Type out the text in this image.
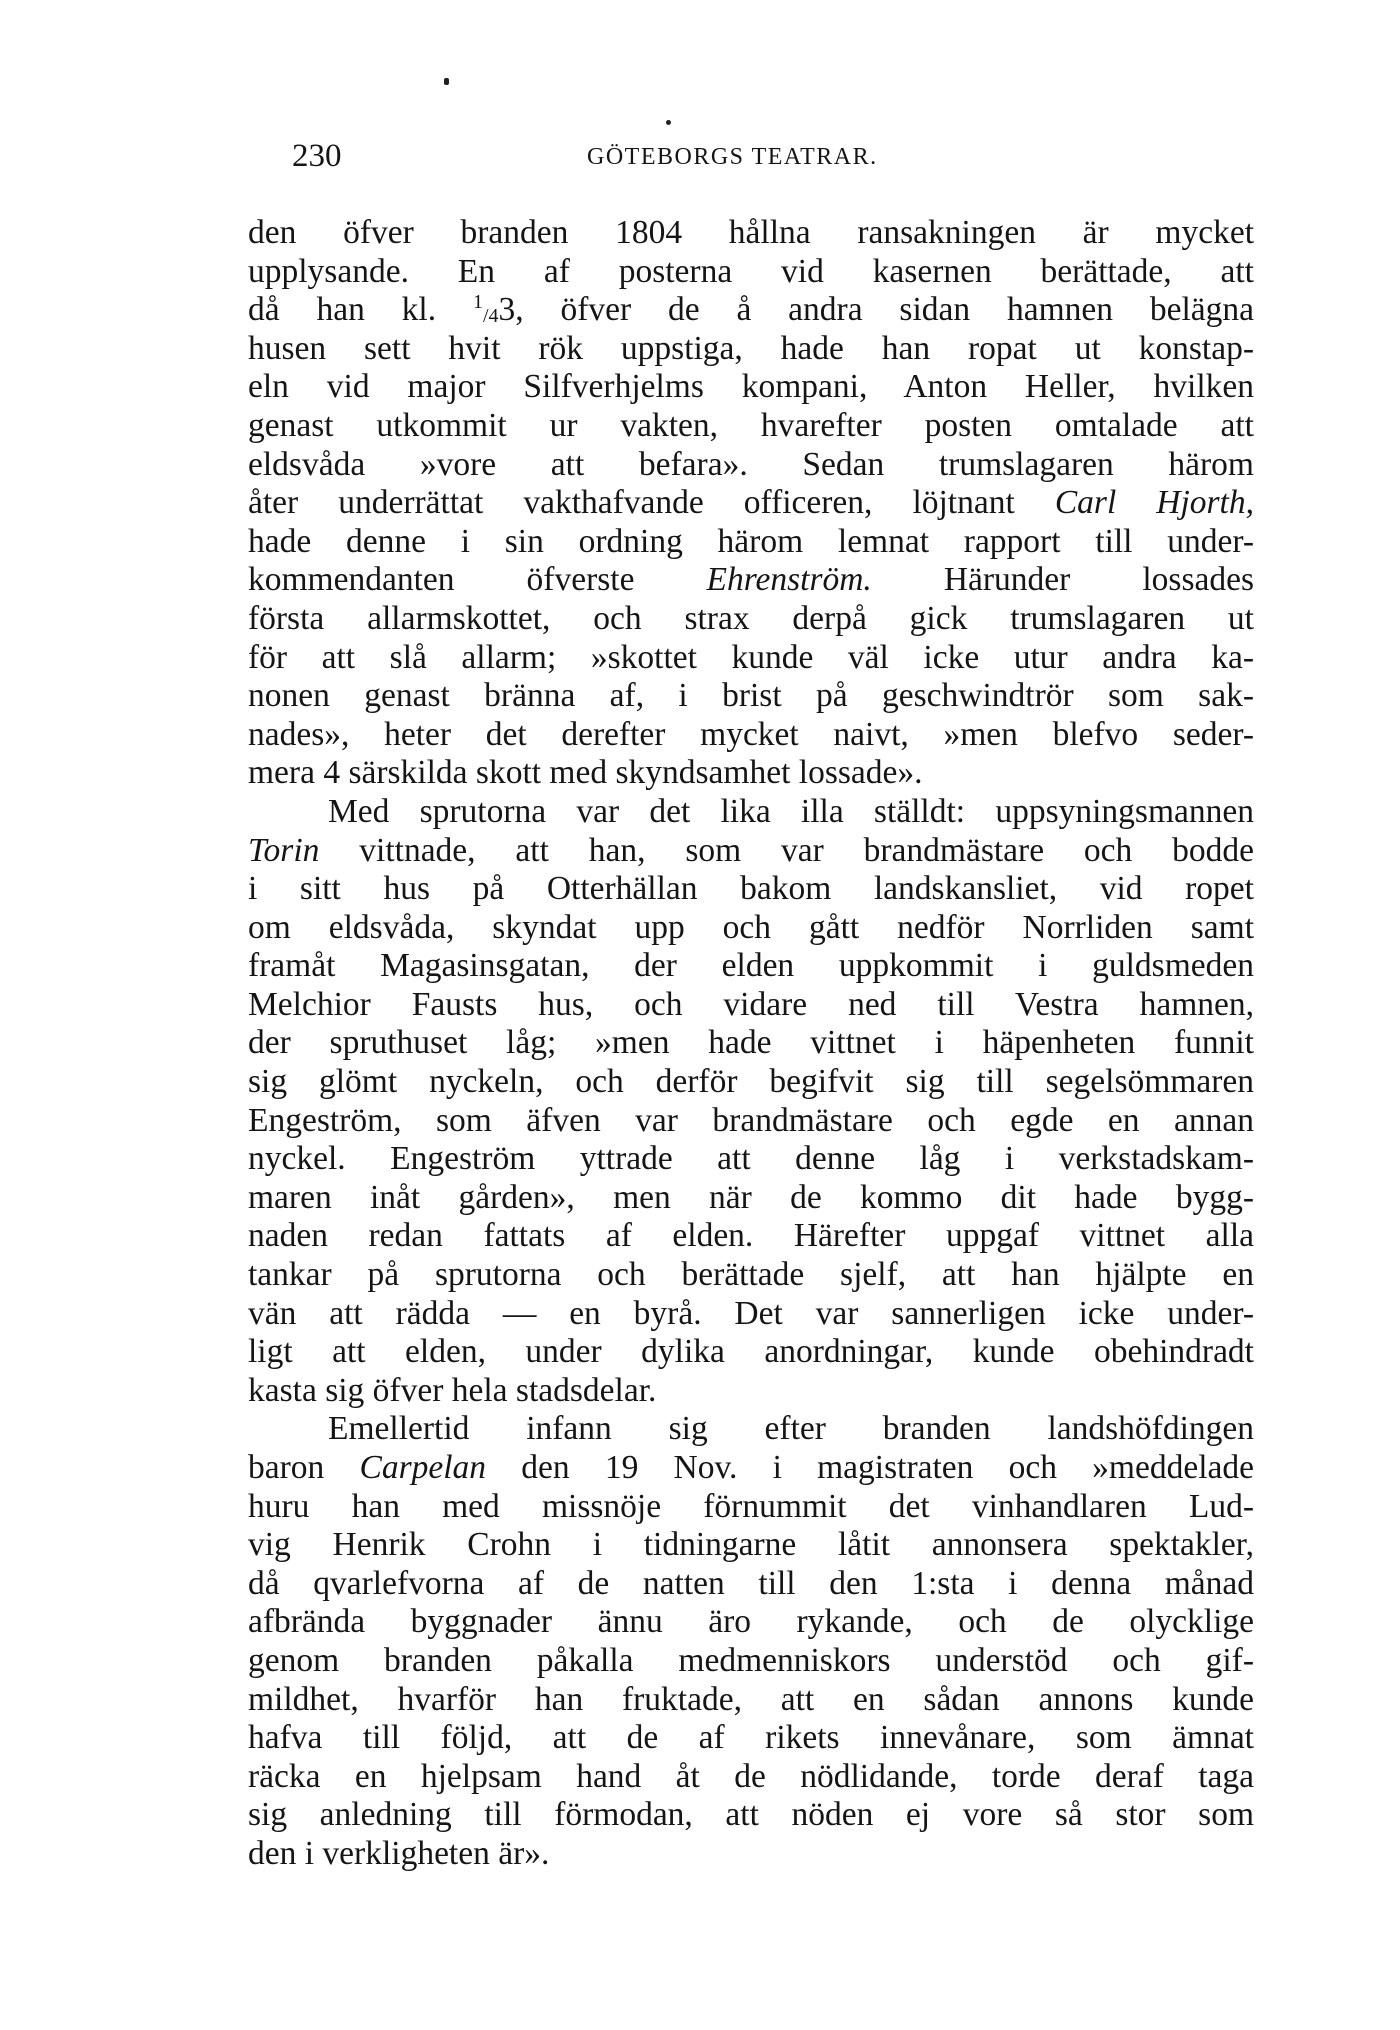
230	GÖTEBORGS TEATRAR.
den öfver branden 1804 hållna ransakningen är mycket
upplysande. En af posterna vid kasernen berättade, att
då han kl. $^1_{/4}$3, öfver de å andra sidan hamnen belägna
husen sett hvit rök uppstiga, hade han ropat ut konstap-
eln vid major Silfverhjelms kompani, Anton Heller, hvilken
genast utkommit ur vakten, hvarefter posten omtalade att
eldsvåda »vore att befara». Sedan trumslagaren härom
åter underrättat vakthafvande officeren, löjtnant Carl Hjorth,
hade denne i sin ordning härom lemnat rapport till under-
kommendanten öfverste Ehrenström. Härunder lossades
första allarmskottet, och strax derpå gick trumslagaren ut
för att slå allarm; »skottet kunde väl icke utur andra ka-
nonen genast bränna af, i brist på geschwindtrör som sak-
nades», heter det derefter mycket naivt, »men blefvo seder-
mera 4 särskilda skott med skyndsamhet lossade».
Med sprutorna var det lika illa ställdt: uppsyningsmannen
Torin vittnade, att han, som var brandmästare och bodde
i sitt hus på Otterhällan bakom landskansliet, vid ropet
om eldsvåda, skyndat upp och gått nedför Norrliden samt
framåt Magasinsgatan, der elden uppkommit i guldsmeden
Melchior Fausts hus, och vidare ned till Vestra hamnen,
der spruthuset låg; »men hade vittnet i häpenheten funnit
sig glömt nyckeln, och derför begifvit sig till segelsömmaren
Engeström, som äfven var brandmästare och egde en annan
nyckel. Engeström yttrade att denne låg i verkstadskam-
maren inåt gården», men när de kommo dit hade bygg-
naden redan fattats af elden. Härefter uppgaf vittnet alla
tankar på sprutorna och berättade sjelf, att han hjälpte en
vän att rädda — en byrå. Det var sannerligen icke under-
ligt att elden, under dylika anordningar, kunde obehindradt
kasta sig öfver hela stadsdelar.
Emellertid infann sig efter branden landshöfdingen
baron Carpelan den 19 Nov. i magistraten och »meddelade
huru han med missnöje förnummit det vinhandlaren Lud-
vig Henrik Crohn i tidningarne låtit annonsera spektakler,
då qvarlefvorna af de natten till den 1:sta i denna månad
afbrända byggnader ännu äro rykande, och de olycklige
genom branden påkalla medmenniskors understöd och gif-
mildhet, hvarför han fruktade, att en sådan annons kunde
hafva till följd, att de af rikets innevånare, som ämnat
räcka en hjelpsam hand åt de nödlidande, torde deraf taga
sig anledning till förmodan, att nöden ej vore så stor som
den i verkligheten är».
